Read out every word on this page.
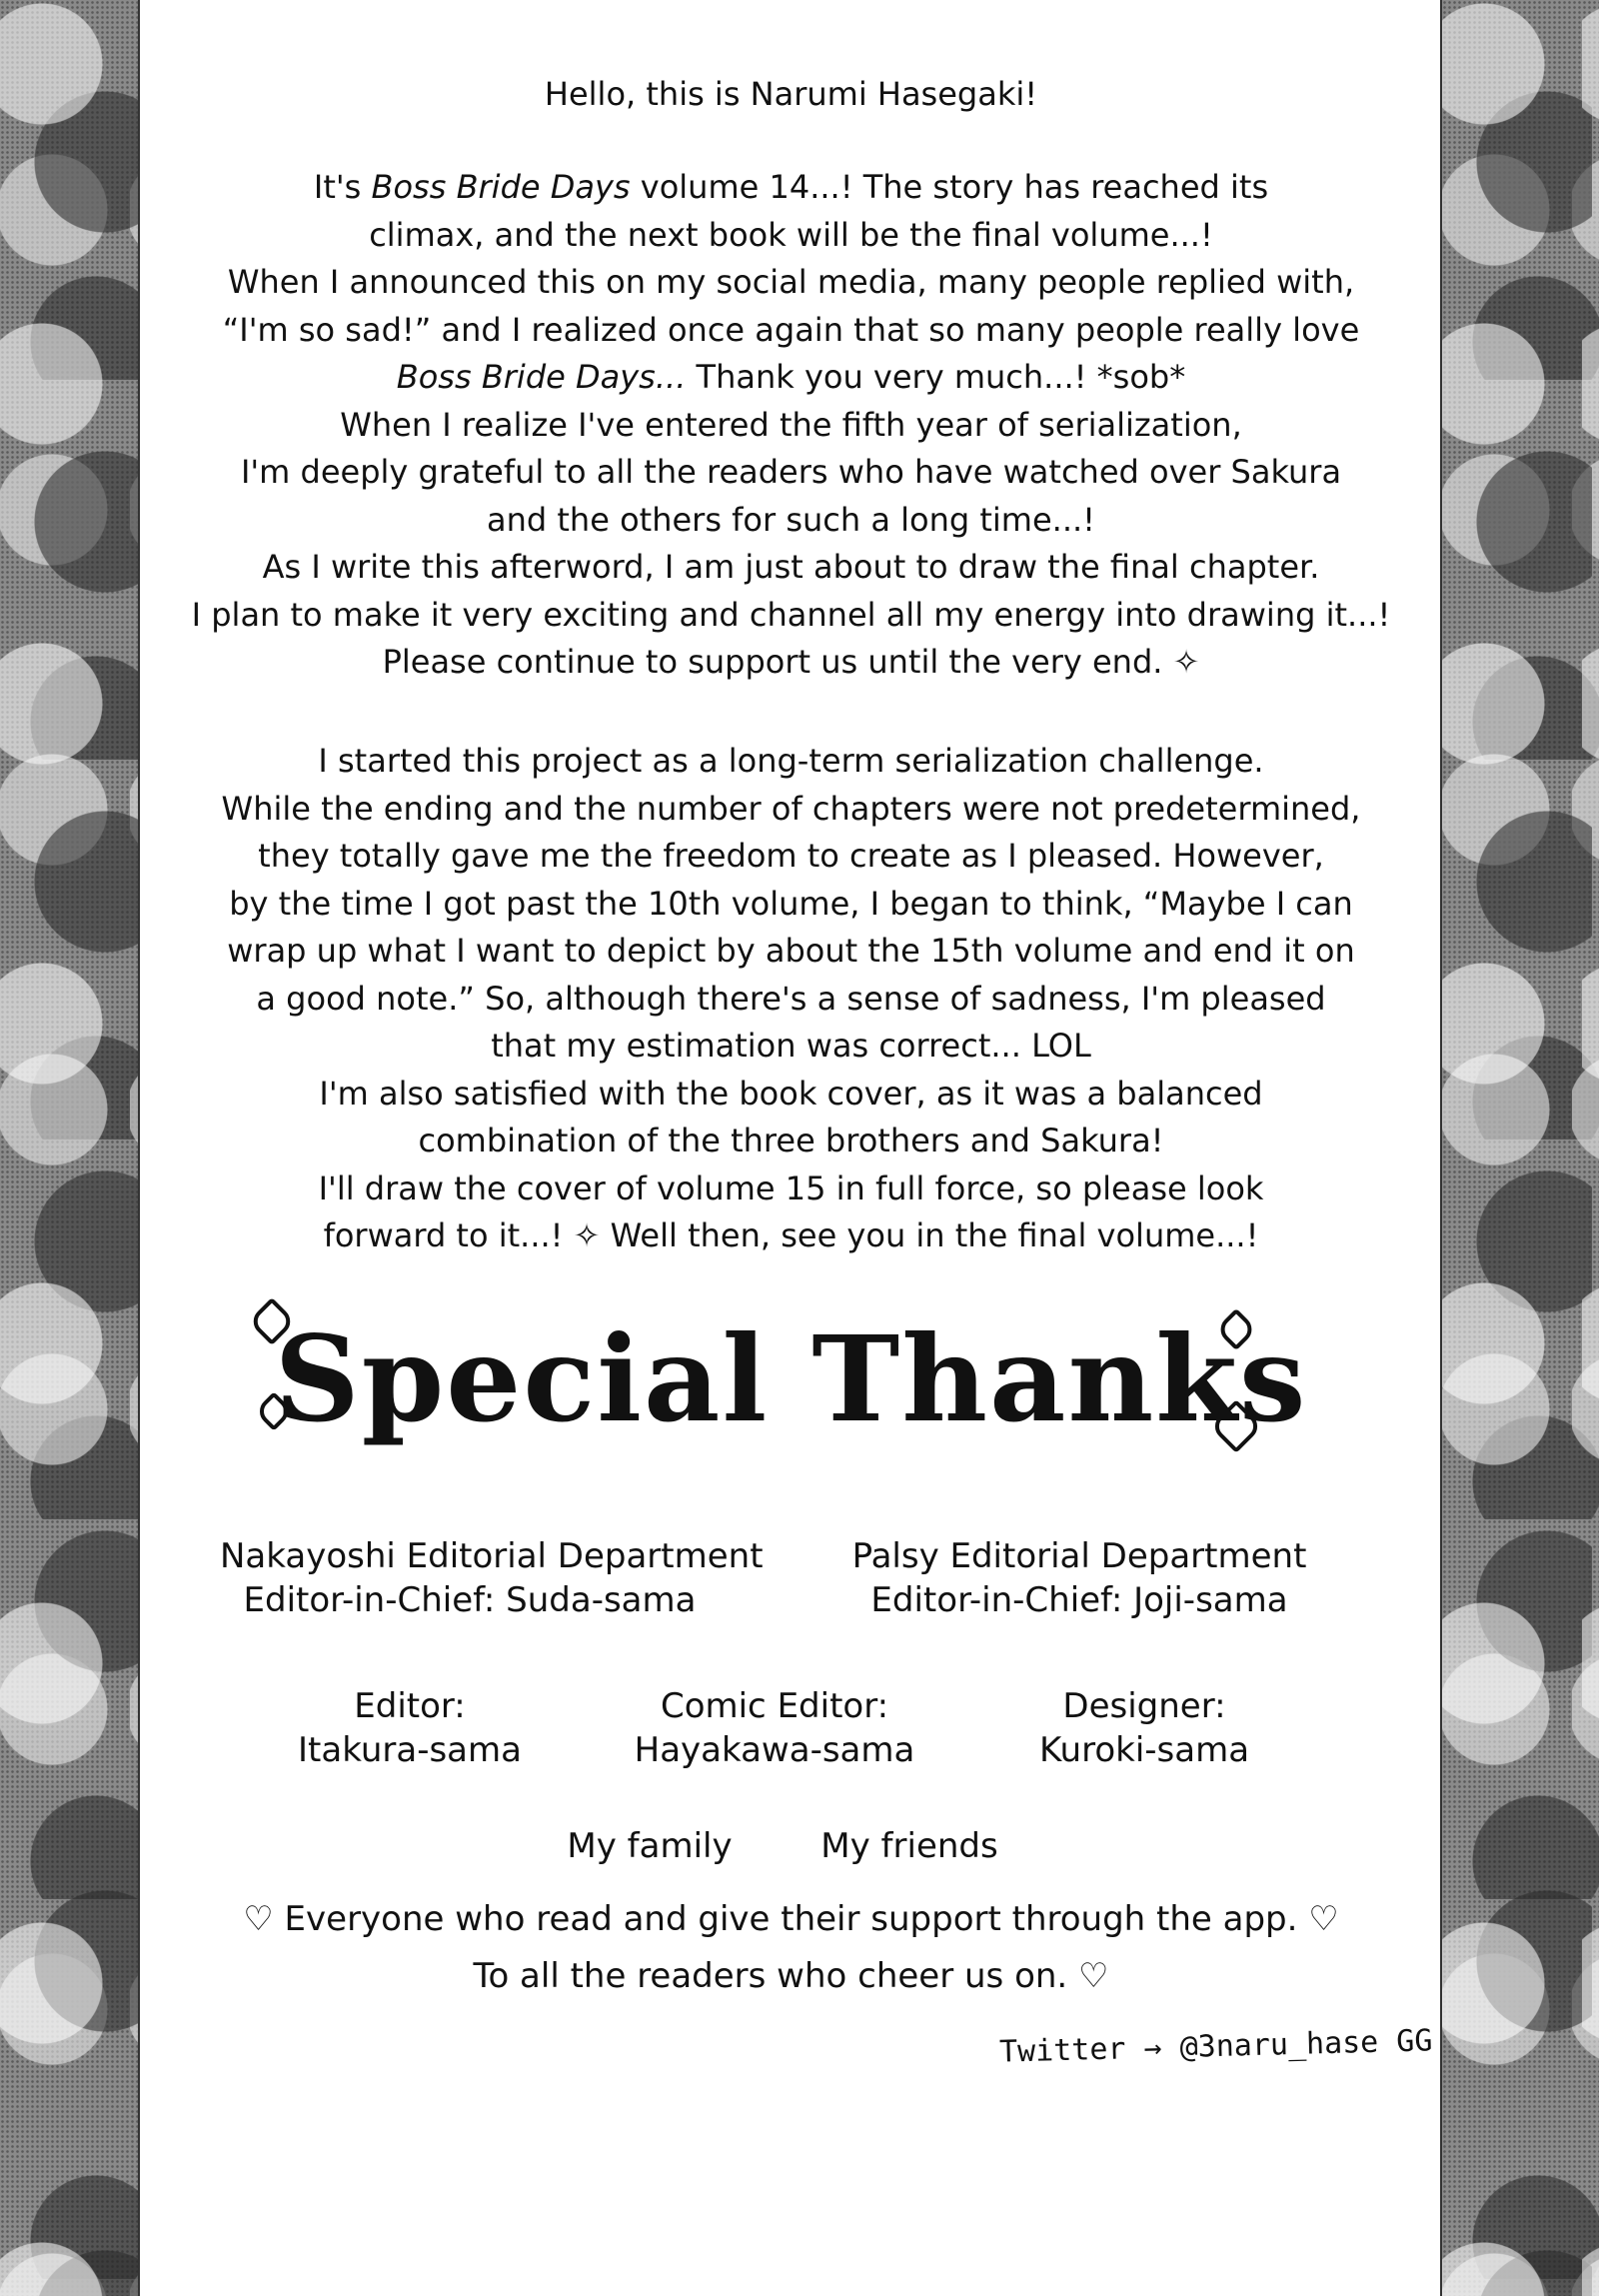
Hello, this is Narumi Hasegaki!
It's Boss Bride Days volume 14...! The story has reached its
climax, and the next book will be the final volume...!
When I announced this on my social media, many people replied with,
“I'm so sad!” and I realized once again that so many people really love
Boss Bride Days... Thank you very much...! *sob*
When I realize I've entered the fifth year of serialization,
I'm deeply grateful to all the readers who have watched over Sakura
and the others for such a long time...!
As I write this afterword, I am just about to draw the final chapter.
I plan to make it very exciting and channel all my energy into drawing it...!
Please continue to support us until the very end. ✧
I started this project as a long-term serialization challenge.
While the ending and the number of chapters were not predetermined,
they totally gave me the freedom to create as I pleased. However,
by the time I got past the 10th volume, I began to think, “Maybe I can
wrap up what I want to depict by about the 15th volume and end it on
a good note.” So, although there's a sense of sadness, I'm pleased
that my estimation was correct... LOL
I'm also satisfied with the book cover, as it was a balanced
combination of the three brothers and Sakura!
I'll draw the cover of volume 15 in full force, so please look
forward to it...! ✧ Well then, see you in the final volume...!
Special Thanks
Nakayoshi Editorial Department
Editor-in-Chief: Suda-sama
Palsy Editorial Department
Editor-in-Chief: Joji-sama
Editor:
Itakura-sama
Comic Editor:
Hayakawa-sama
Designer:
Kuroki-sama
My family	My friends
♡ Everyone who read and give their support through the app. ♡
To all the readers who cheer us on. ♡
Twitter → @3naru_hase GG
